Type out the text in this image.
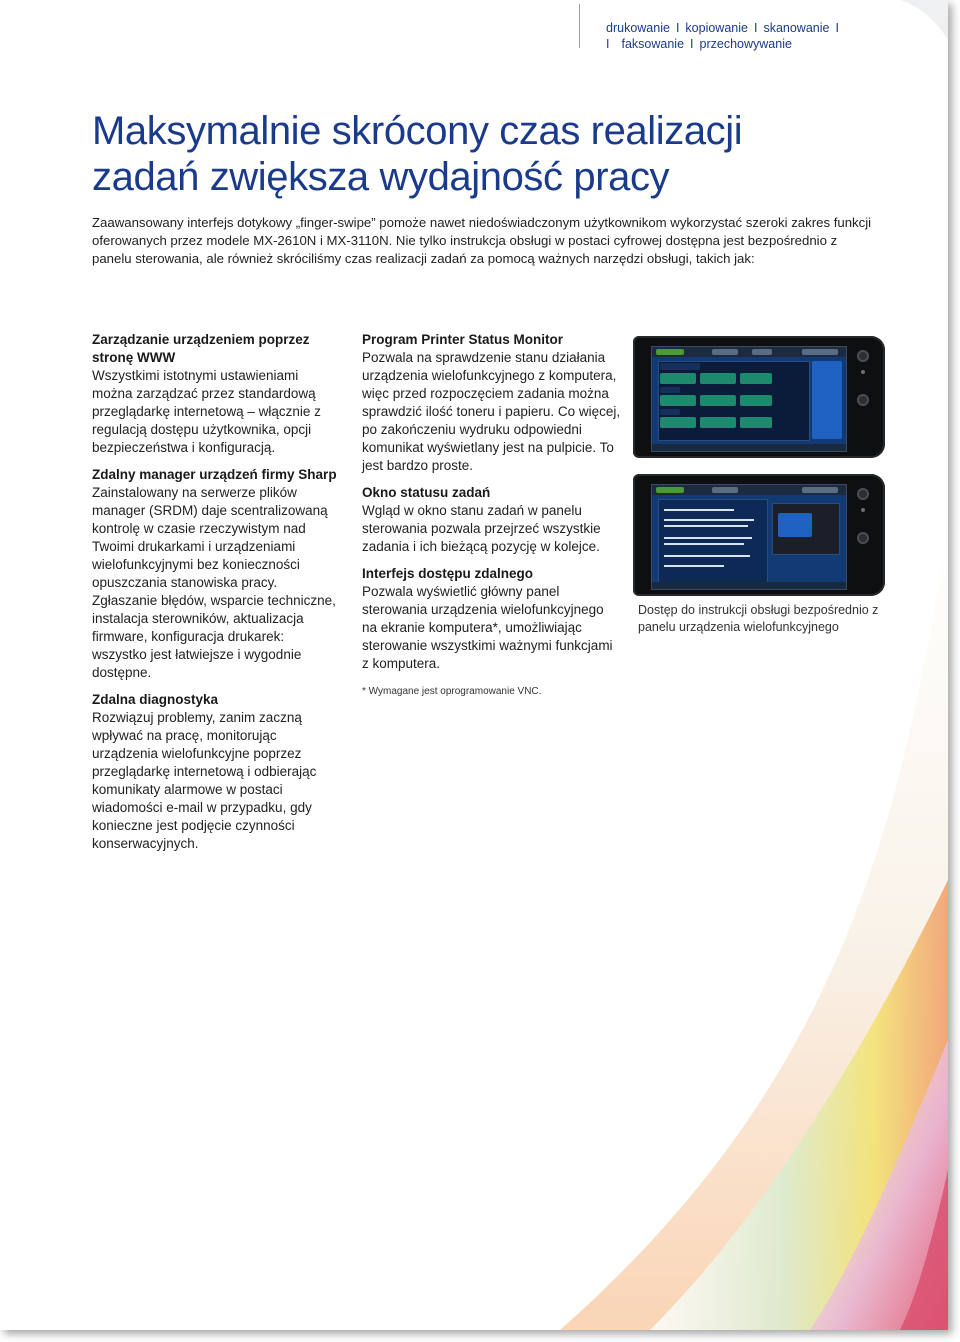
drukowanie I kopiowanie I skanowanie I
I faksowanie I przechowywanie
Maksymalnie skrócony czas realizacji
zadań zwiększa wydajność pracy

Zaawansowany interfejs dotykowy „finger-swipe” pomoże nawet niedoświadczonym użytkownikom wykorzystać szeroki zakres funkcji oferowanych przez modele MX-2610N i MX-3110N. Nie tylko instrukcja obsługi w postaci cyfrowej dostępna jest bezpośrednio z panelu sterowania, ale również skróciliśmy czas realizacji zadań za pomocą ważnych narzędzi obsługi, takich jak:

Zarządzanie urządzeniem poprzez stronę WWW

Wszystkimi istotnymi ustawieniami można zarządzać przez standardową przeglądarkę internetową – włącznie z regulacją dostępu użytkownika, opcji bezpieczeństwa i konfiguracją.

Zdalny manager urządzeń firmy Sharp

Zainstalowany na serwerze plików manager (SRDM) daje scentralizowaną kontrolę w czasie rzeczywistym nad Twoimi drukarkami i urządzeniami wielofunkcyjnymi bez konieczności opuszczania stanowiska pracy. Zgłaszanie błędów, wsparcie techniczne, instalacja sterowników, aktualizacja firmware, konfiguracja drukarek: wszystko jest łatwiejsze i wygodnie dostępne.

Zdalna diagnostyka

Rozwiązuj problemy, zanim zaczną wpływać na pracę, monitorując urządzenia wielofunkcyjne poprzez przeglądarkę internetową i odbierając komunikaty alarmowe w postaci wiadomości e-mail w przypadku, gdy konieczne jest podjęcie czynności konserwacyjnych.

Program Printer Status Monitor

Pozwala na sprawdzenie stanu działania urządzenia wielofunkcyjnego z komputera, więc przed rozpoczęciem zadania można sprawdzić ilość toneru i papieru. Co więcej, po zakończeniu wydruku odpowiedni komunikat wyświetlany jest na pulpicie. To jest bardzo proste.

Okno statusu zadań

Wgląd w okno stanu zadań w panelu sterowania pozwala przejrzeć wszystkie zadania i ich bieżącą pozycję w kolejce.

Interfejs dostępu zdalnego

Pozwala wyświetlić główny panel sterowania urządzenia wielofunkcyjnego na ekranie komputera*, umożliwiając sterowanie wszystkimi ważnymi funkcjami z komputera.

* Wymagane jest oprogramowanie VNC.

Dostęp do instrukcji obsługi bezpośrednio z panelu urządzenia wielofunkcyjnego
